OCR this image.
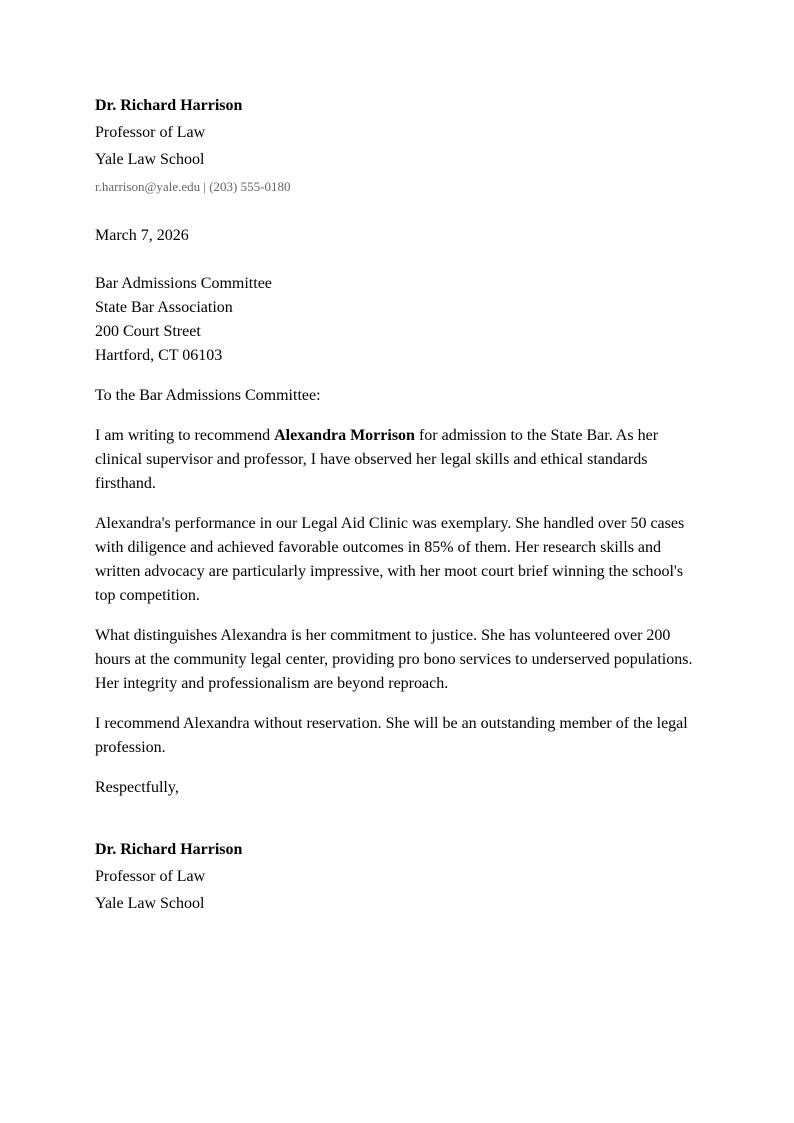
Dr. Richard Harrison
Professor of Law
Yale Law School
r.harrison@yale.edu | (203) 555-0180
March 7, 2026
Bar Admissions Committee
State Bar Association
200 Court Street
Hartford, CT 06103

To the Bar Admissions Committee:

I am writing to recommend Alexandra Morrison for admission to the State Bar. As her clinical supervisor and professor, I have observed her legal skills and ethical standards firsthand.

Alexandra's performance in our Legal Aid Clinic was exemplary. She handled over 50 cases with diligence and achieved favorable outcomes in 85% of them. Her research skills and written advocacy are particularly impressive, with her moot court brief winning the school's top competition.

What distinguishes Alexandra is her commitment to justice. She has volunteered over 200 hours at the community legal center, providing pro bono services to underserved populations. Her integrity and professionalism are beyond reproach.

I recommend Alexandra without reservation. She will be an outstanding member of the legal profession.

Respectfully,

Dr. Richard Harrison
Professor of Law
Yale Law School
